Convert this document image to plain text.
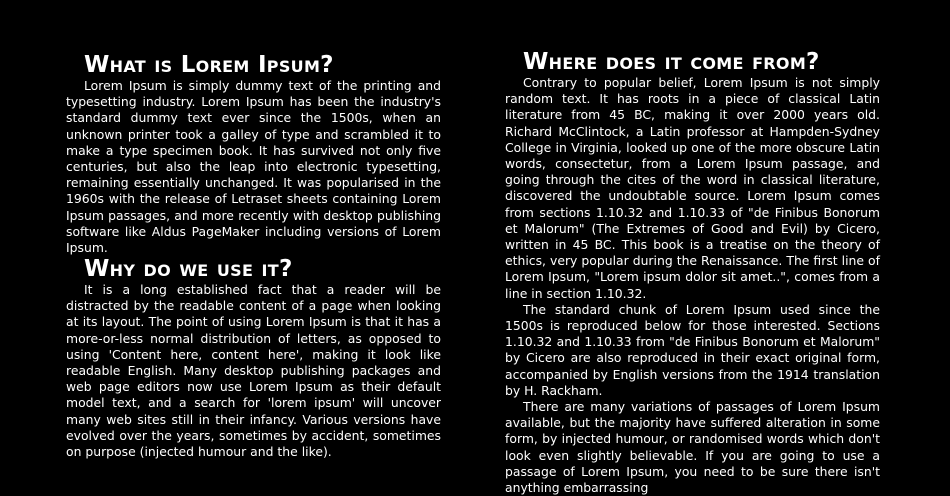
What is Lorem Ipsum?

Lorem Ipsum is simply dummy text of the printing and typesetting industry. Lorem Ipsum has been the industry's standard dummy text ever since the 1500s, when an unknown printer took a galley of type and scrambled it to make a type specimen book. It has survived not only five centuries, but also the leap into electronic typesetting, remaining essentially unchanged. It was popularised in the 1960s with the release of Letraset sheets containing Lorem Ipsum passages, and more recently with desktop publishing software like Aldus PageMaker including versions of Lorem Ipsum.

Why do we use it?

It is a long established fact that a reader will be distracted by the readable content of a page when looking at its layout. The point of using Lorem Ipsum is that it has a more-or-less normal distribution of letters, as opposed to using 'Content here, content here', making it look like readable English. Many desktop publishing packages and web page editors now use Lorem Ipsum as their default model text, and a search for 'lorem ipsum' will uncover many web sites still in their infancy. Various versions have evolved over the years, sometimes by accident, sometimes on purpose (injected humour and the like).

Where does it come from?

Contrary to popular belief, Lorem Ipsum is not simply random text. It has roots in a piece of classical Latin literature from 45 BC, making it over 2000 years old. Richard McClintock, a Latin professor at Hampden-Sydney College in Virginia, looked up one of the more obscure Latin words, consectetur, from a Lorem Ipsum passage, and going through the cites of the word in classical literature, discovered the undoubtable source. Lorem Ipsum comes from sections 1.10.32 and 1.10.33 of "de Finibus Bonorum et Malorum" (The Extremes of Good and Evil) by Cicero, written in 45 BC. This book is a treatise on the theory of ethics, very popular during the Renaissance. The first line of Lorem Ipsum, "Lorem ipsum dolor sit amet..", comes from a line in section 1.10.32.

The standard chunk of Lorem Ipsum used since the 1500s is reproduced below for those interested. Sections 1.10.32 and 1.10.33 from "de Finibus Bonorum et Malorum" by Cicero are also reproduced in their exact original form, accompanied by English versions from the 1914 translation by H. Rackham.

There are many variations of passages of Lorem Ipsum available, but the majority have suffered alteration in some form, by injected humour, or randomised words which don't look even slightly believable. If you are going to use a passage of Lorem Ipsum, you need to be sure there isn't anything embarrassing
